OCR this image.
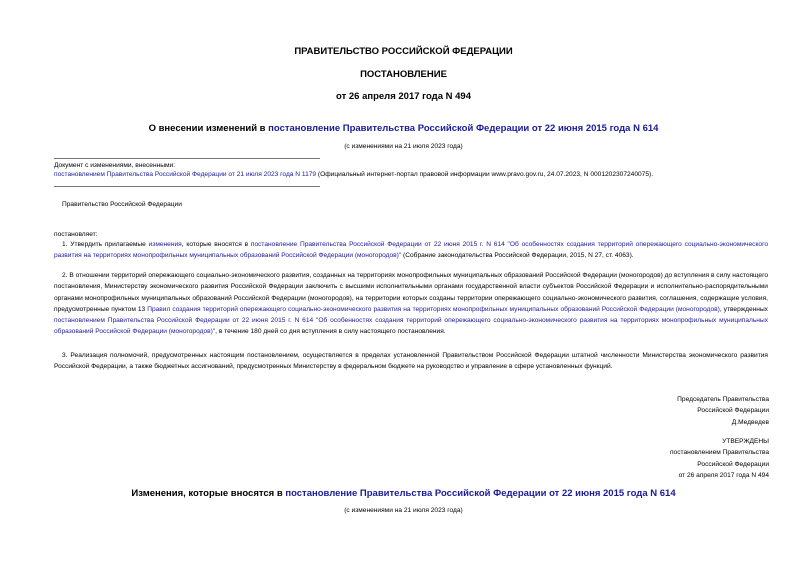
ПРАВИТЕЛЬСТВО РОССИЙСКОЙ ФЕДЕРАЦИИ
ПОСТАНОВЛЕНИЕ
от 26 апреля 2017 года N 494
О внесении изменений в постановление Правительства Российской Федерации от 22 июня 2015 года N 614
(с изменениями на 21 июля 2023 года)
Документ с изменениями, внесенными:
постановлением Правительства Российской Федерации от 21 июля 2023 года N 1179 (Официальный интернет-портал правовой информации www.pravo.gov.ru, 24.07.2023, N 0001202307240075).
Правительство Российской Федерации
постановляет:
1. Утвердить прилагаемые изменения, которые вносятся в постановление Правительства Российской Федерации от 22 июня 2015 г. N 614 "Об особенностях создания территорий опережающего социально-экономического развития на территориях монопрофильных муниципальных образований Российской Федерации (моногородов)" (Собрание законодательства Российской Федерации, 2015, N 27, ст. 4063).
2. В отношении территорий опережающего социально-экономического развития, созданных на территориях монопрофильных муниципальных образований Российской Федерации (моногородов) до вступления в силу настоящего постановления, Министерству экономического развития Российской Федерации заключить с высшими исполнительными органами государственной власти субъектов Российской Федерации и исполнительно-распорядительными органами монопрофильных муниципальных образований Российской Федерации (моногородов), на территории которых созданы территории опережающего социально-экономического развития, соглашения, содержащие условия, предусмотренные пунктом 13 Правил создания территорий опережающего социально-экономического развития на территориях монопрофильных муниципальных образований Российской Федерации (моногородов), утвержденных постановлением Правительства Российской Федерации от 22 июня 2015 г. N 614 "Об особенностях создания территорий опережающего социально-экономического развития на территориях монопрофильных муниципальных образований Российской Федерации (моногородов)", в течение 180 дней со дня вступления в силу настоящего постановления.
3. Реализация полномочий, предусмотренных настоящим постановлением, осуществляется в пределах установленной Правительством Российской Федерации штатной численности Министерства экономического развития Российской Федерации, а также бюджетных ассигнований, предусмотренных Министерству в федеральном бюджете на руководство и управление в сфере установленных функций.
Председатель Правительства
Российской Федерации
Д.Медведев
УТВЕРЖДЕНЫ
постановлением Правительства
Российской Федерации
от 26 апреля 2017 года N 494
Изменения, которые вносятся в постановление Правительства Российской Федерации от 22 июня 2015 года N 614
(с изменениями на 21 июля 2023 года)
